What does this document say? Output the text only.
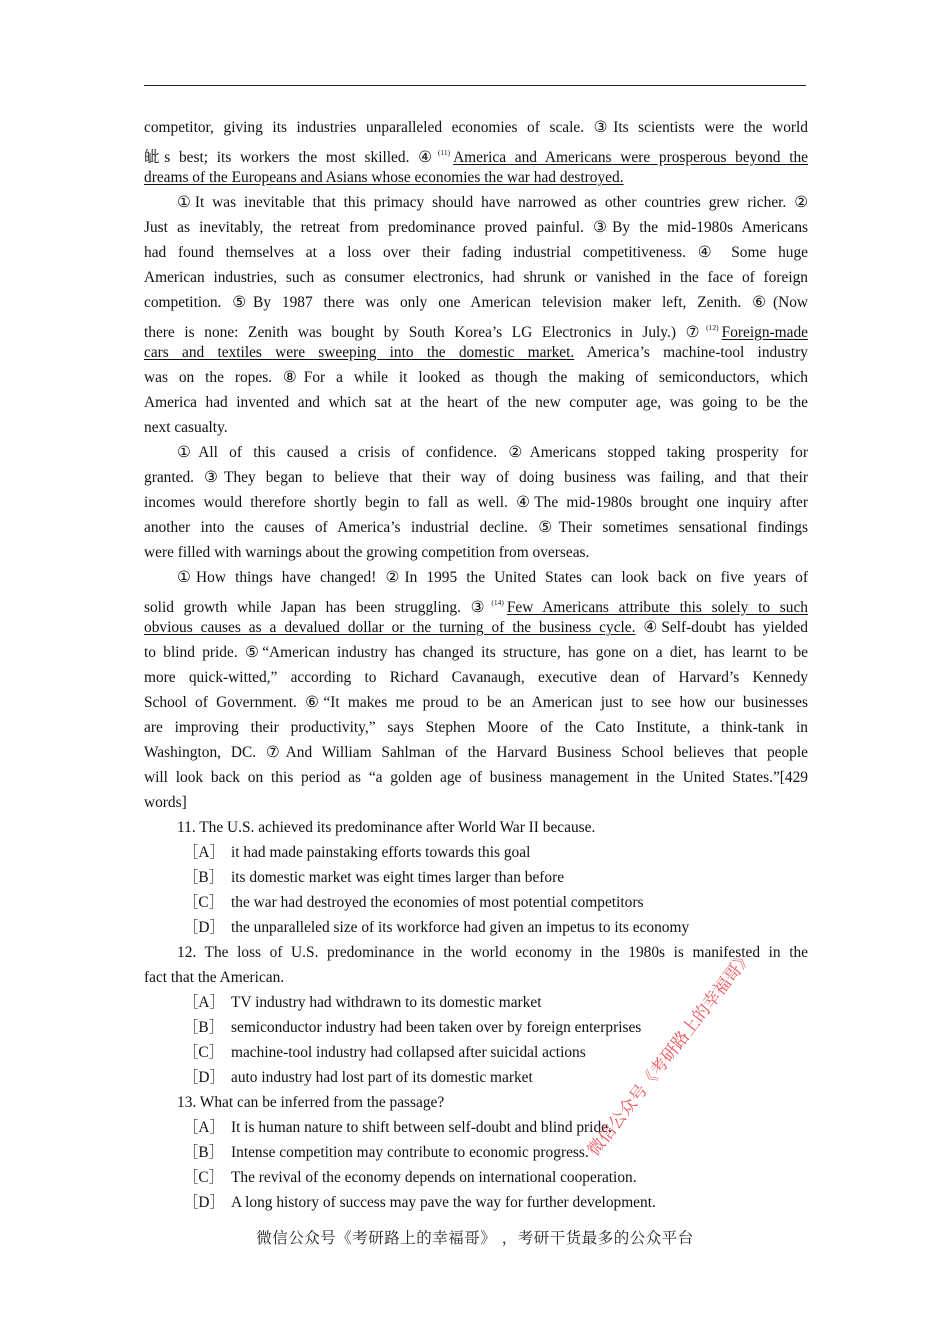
competitor, giving its industries unparalleled economies of scale. ③Its scientists were the world
皉s best; its workers the most skilled. ④$^{(11)}$ America and Americans were prosperous beyond the
dreams of the Europeans and Asians whose economies the war had destroyed.
①It was inevitable that this primacy should have narrowed as other countries grew richer. ②
Just as inevitably, the retreat from predominance proved painful. ③By the mid-1980s Americans
had found themselves at a loss over their fading industrial competitiveness. ④ Some huge
American industries, such as consumer electronics, had shrunk or vanished in the face of foreign
competition. ⑤By 1987 there was only one American television maker left, Zenith. ⑥(Now
there is none: Zenith was bought by South Korea’s LG Electronics in July.) ⑦$^{(12)}$ Foreign-made
cars and textiles were sweeping into the domestic market. America’s machine-tool industry
was on the ropes. ⑧For a while it looked as though the making of semiconductors, which
America had invented and which sat at the heart of the new computer age, was going to be the
next casualty.
①All of this caused a crisis of confidence. ②Americans stopped taking prosperity for
granted. ③They began to believe that their way of doing business was failing, and that their
incomes would therefore shortly begin to fall as well. ④The mid-1980s brought one inquiry after
another into the causes of America’s industrial decline. ⑤Their sometimes sensational findings
were filled with warnings about the growing competition from overseas.
①How things have changed! ②In 1995 the United States can look back on five years of
solid growth while Japan has been struggling. ③$^{(14)}$ Few Americans attribute this solely to such
obvious causes as a devalued dollar or the turning of the business cycle. ④Self-doubt has yielded
to blind pride. ⑤“American industry has changed its structure, has gone on a diet, has learnt to be
more quick-witted,” according to Richard Cavanaugh, executive dean of Harvard’s Kennedy
School of Government. ⑥“It makes me proud to be an American just to see how our businesses
are improving their productivity,” says Stephen Moore of the Cato Institute, a think-tank in
Washington, DC. ⑦And William Sahlman of the Harvard Business School believes that people
will look back on this period as “a golden age of business management in the United States.”[429
words]
11. The U.S. achieved its predominance after World War II because.
［A］ it had made painstaking efforts towards this goal
［B］ its domestic market was eight times larger than before
［C］ the war had destroyed the economies of most potential competitors
［D］ the unparalleled size of its workforce had given an impetus to its economy
12. The loss of U.S. predominance in the world economy in the 1980s is manifested in the
fact that the American.
［A］ TV industry had withdrawn to its domestic market
［B］ semiconductor industry had been taken over by foreign enterprises
［C］ machine-tool industry had collapsed after suicidal actions
［D］ auto industry had lost part of its domestic market
13. What can be inferred from the passage?
［A］ It is human nature to shift between self-doubt and blind pride.
［B］ Intense competition may contribute to economic progress.
［C］ The revival of the economy depends on international cooperation.
［D］ A long history of success may pave the way for further development.
微信公众号《考研路上的幸福哥》 ，考研干货最多的公众平台
微信公众号《考研路上的幸福哥》
